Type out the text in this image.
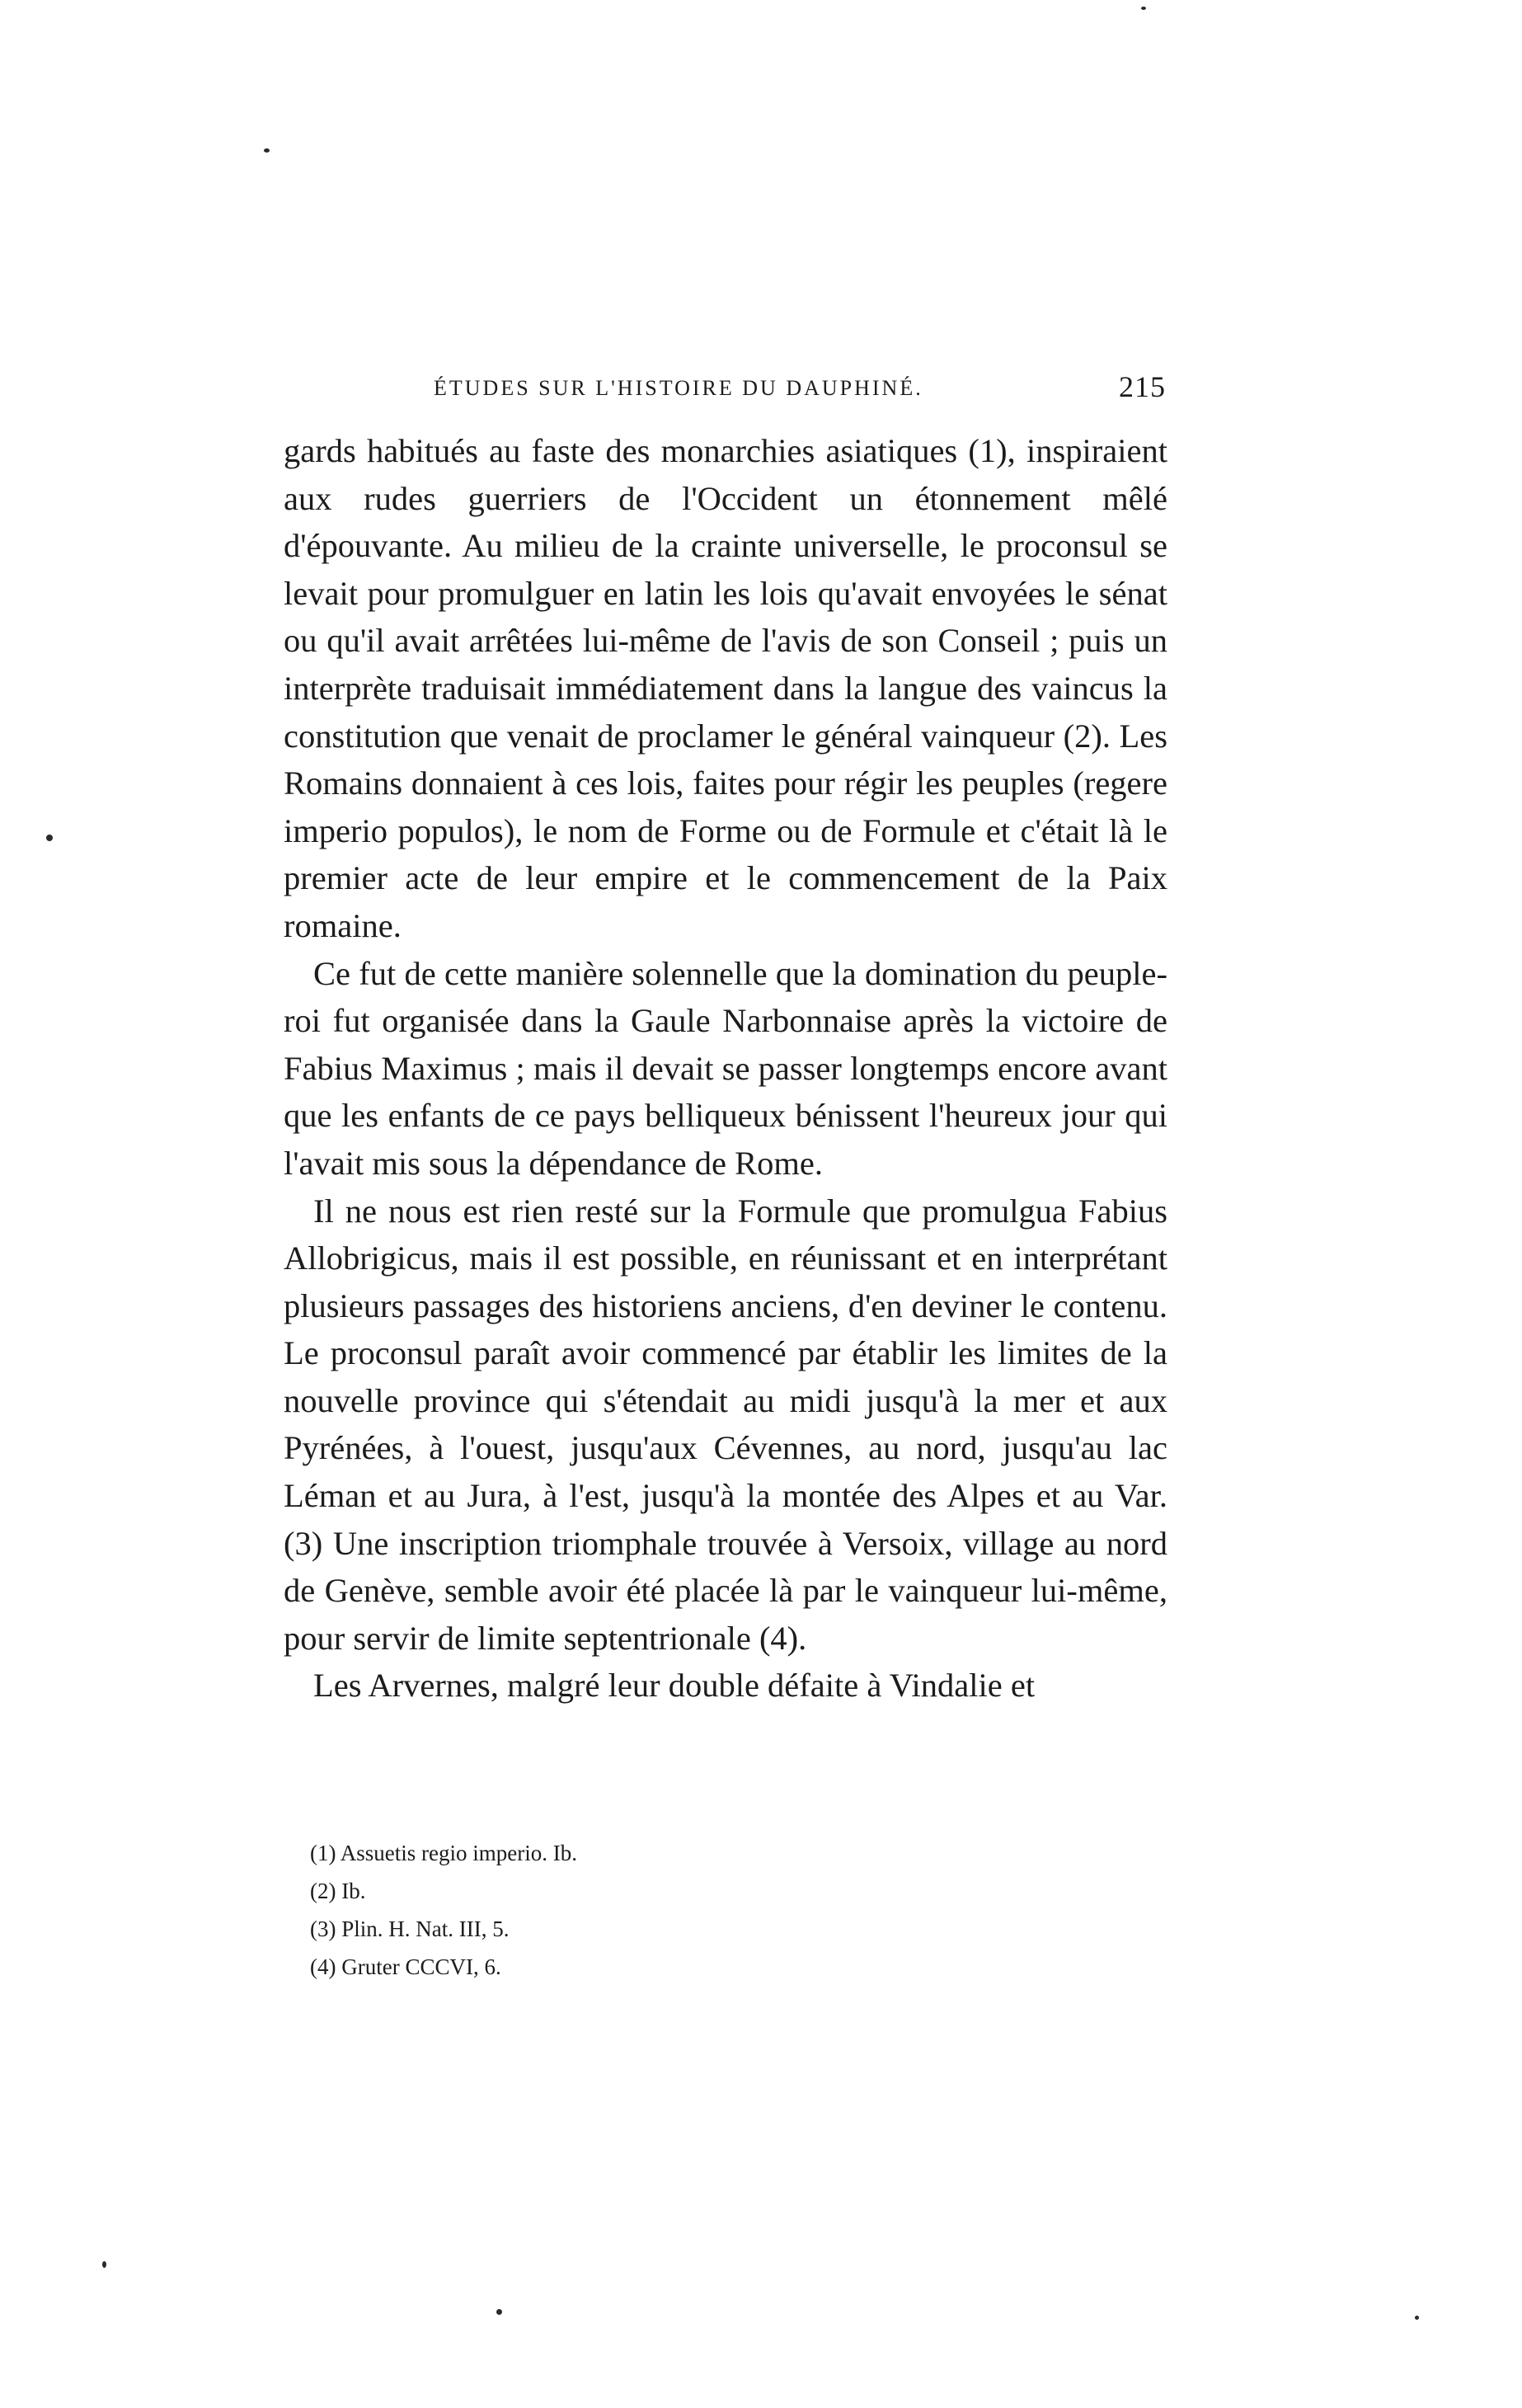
ÉTUDES SUR L'HISTOIRE DU DAUPHINÉ.	215

gards habitués au faste des monarchies asiatiques (1), inspiraient aux rudes guerriers de l'Occident un étonnement mêlé d'épouvante. Au milieu de la crainte universelle, le proconsul se levait pour promulguer en latin les lois qu'avait envoyées le sénat ou qu'il avait arrêtées lui-même de l'avis de son Conseil ; puis un interprète traduisait immédiatement dans la langue des vaincus la constitution que venait de proclamer le général vainqueur (2). Les Romains donnaient à ces lois, faites pour régir les peuples (regere imperio populos), le nom de Forme ou de Formule et c'était là le premier acte de leur empire et le commencement de la Paix romaine.

Ce fut de cette manière solennelle que la domination du peuple-roi fut organisée dans la Gaule Narbonnaise après la victoire de Fabius Maximus ; mais il devait se passer longtemps encore avant que les enfants de ce pays belliqueux bénissent l'heureux jour qui l'avait mis sous la dépendance de Rome.

Il ne nous est rien resté sur la Formule que promulgua Fabius Allobrigicus, mais il est possible, en réunissant et en interprétant plusieurs passages des historiens anciens, d'en deviner le contenu. Le proconsul paraît avoir commencé par établir les limites de la nouvelle province qui s'étendait au midi jusqu'à la mer et aux Pyrénées, à l'ouest, jusqu'aux Cévennes, au nord, jusqu'au lac Léman et au Jura, à l'est, jusqu'à la montée des Alpes et au Var. (3) Une inscription triomphale trouvée à Versoix, village au nord de Genève, semble avoir été placée là par le vainqueur lui-même, pour servir de limite septentrionale (4).

Les Arvernes, malgré leur double défaite à Vindalie et

(1) Assuetis regio imperio. Ib.
(2) Ib.
(3) Plin. H. Nat. III, 5.
(4) Gruter CCCVI, 6.
